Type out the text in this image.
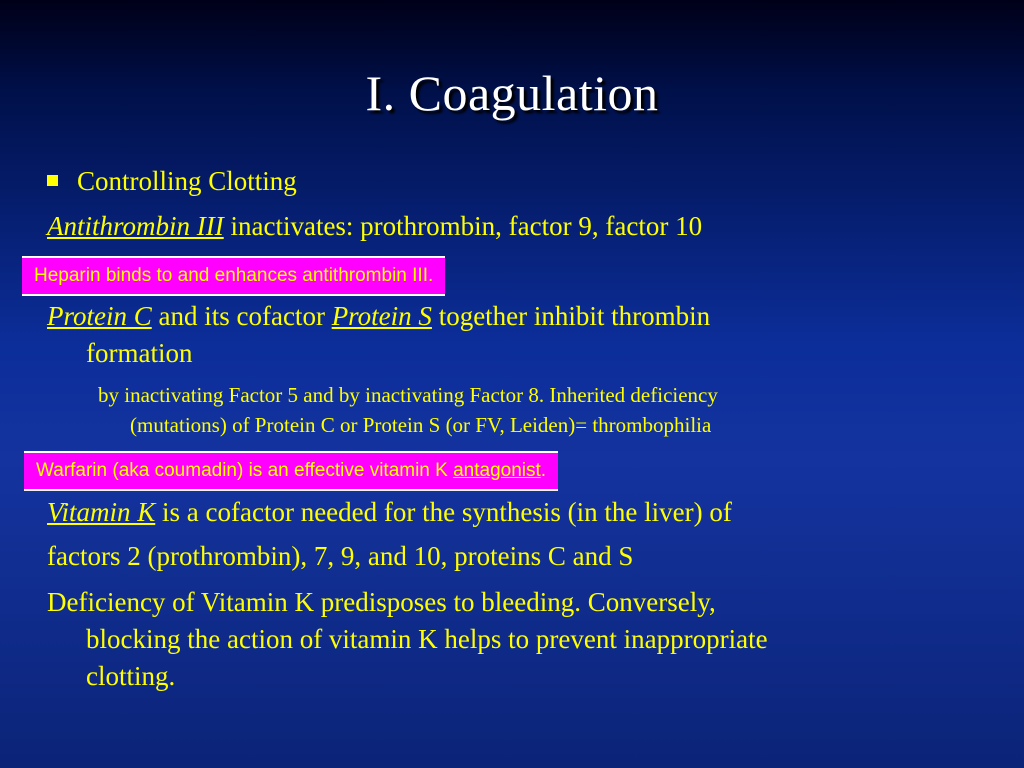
I. Coagulation
Controlling Clotting
Antithrombin III inactivates: prothrombin, factor 9, factor 10
Heparin binds to and enhances antithrombin III.
Protein C and its cofactor Protein S together inhibit thrombin
formation
by inactivating Factor 5 and by inactivating Factor 8. Inherited deficiency
(mutations) of Protein C or Protein S (or FV, Leiden)= thrombophilia
Warfarin (aka coumadin) is an effective vitamin K antagonist.
Vitamin K is a cofactor needed for the synthesis (in the liver) of
factors 2 (prothrombin), 7, 9, and 10, proteins C and S
Deficiency of Vitamin K predisposes to bleeding. Conversely,
blocking the action of vitamin K helps to prevent inappropriate
clotting.
